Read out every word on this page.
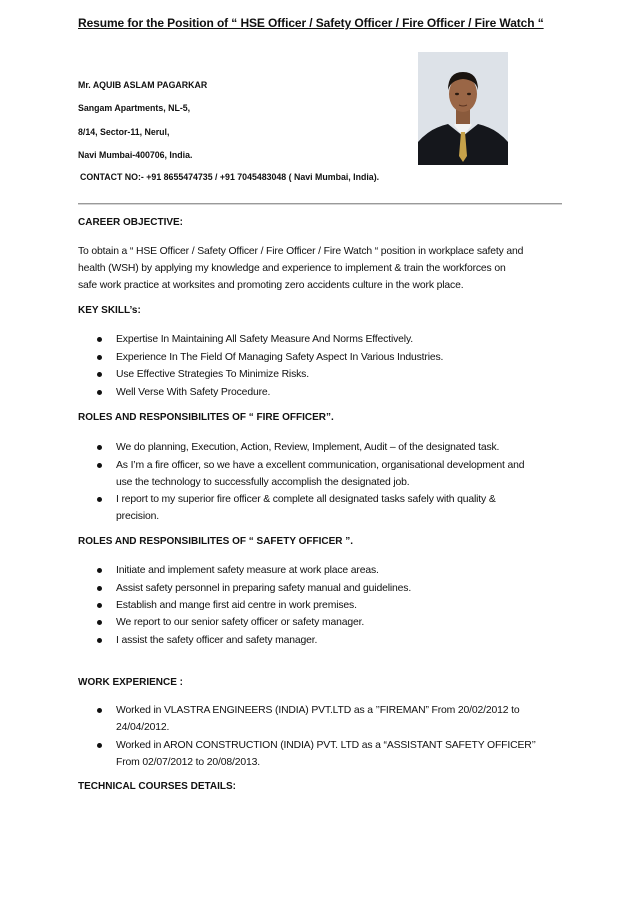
Resume for the Position of “ HSE Officer / Safety Officer / Fire Officer / Fire Watch “
Mr. AQUIB ASLAM PAGARKAR
Sangam Apartments, NL-5,
8/14, Sector-11, Nerul,
Navi Mumbai-400706, India.
CONTACT NO:- +91 8655474735 / +91 7045483048 ( Navi Mumbai, India).
CAREER OBJECTIVE:
To obtain a “ HSE Officer / Safety Officer / Fire Officer / Fire Watch “ position in workplace safety and
health (WSH) by applying my knowledge and experience to implement & train the workforces on
safe work practice at worksites and promoting zero accidents culture in the work place.
KEY SKILL’s:
Expertise In Maintaining All Safety Measure And Norms Effectively.
Experience In The Field Of Managing Safety Aspect In Various Industries.
Use Effective Strategies To Minimize Risks.
Well Verse With Safety Procedure.
ROLES AND RESPONSIBILITES OF “ FIRE OFFICER”.
We do planning, Execution, Action, Review, Implement, Audit – of the designated task.
As I’m a fire officer, so we have a excellent communication, organisational development and
use the technology to successfully accomplish the designated job.
I report to my superior fire officer & complete all designated tasks safely with quality &
precision.
ROLES AND RESPONSIBILITES OF “ SAFETY OFFICER ”.
Initiate and implement safety measure at work place areas.
Assist safety personnel in preparing safety manual and guidelines.
Establish and mange first aid centre in work premises.
We report to our senior safety officer or safety manager.
I assist the safety officer and safety manager.
WORK EXPERIENCE :
Worked in VLASTRA ENGINEERS (INDIA) PVT.LTD as a ’’FIREMAN” From 20/02/2012 to
24/04/2012.
Worked in ARON CONSTRUCTION (INDIA) PVT. LTD as a “ASSISTANT SAFETY OFFICER’’
From 02/07/2012 to 20/08/2013.
TECHNICAL COURSES DETAILS:
